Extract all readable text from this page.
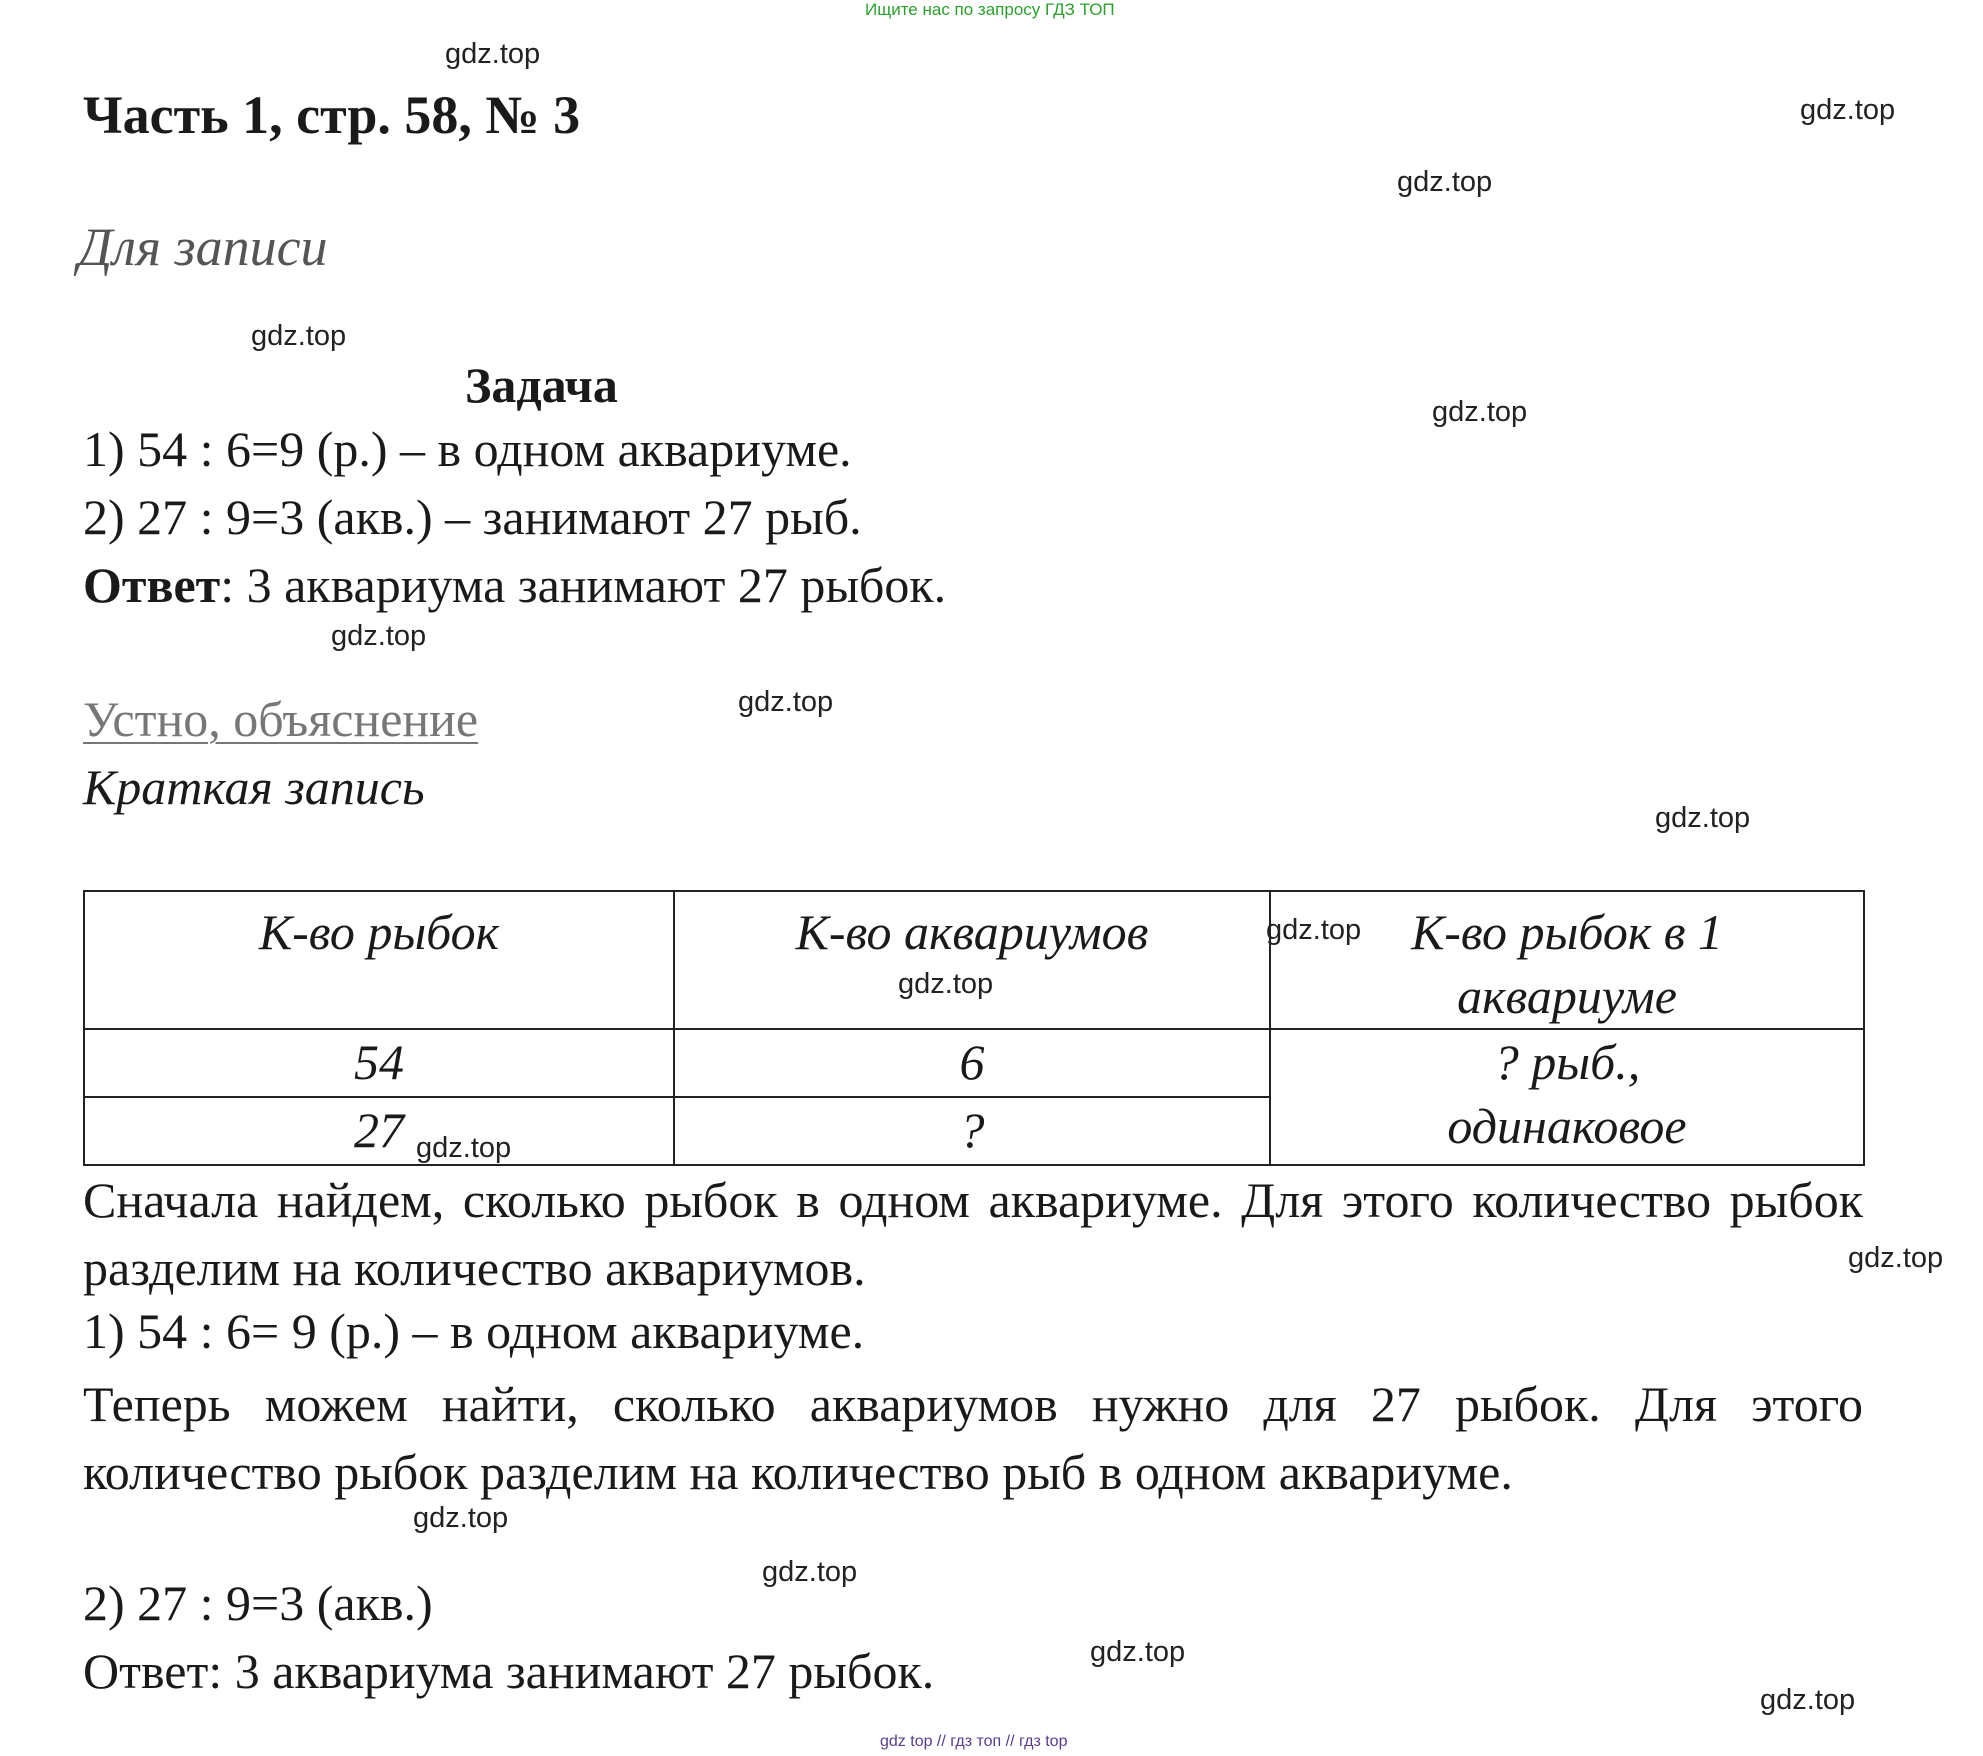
Ищите нас по запросу ГДЗ ТОП
Часть 1, стр. 58, № 3
Для записи
Задача
1) 54 : 6=9 (р.) – в одном аквариуме.
2) 27 : 9=3 (акв.) – занимают 27 рыб.
Ответ: 3 аквариума занимают 27 рыбок.
Устно, объяснение
Краткая запись
К-во рыбок	К-во аквариумов	К-во рыбок в 1 аквариуме
54	6	? рыб., одинаковое
27	?	
Сначала найдем, сколько рыбок в одном аквариуме. Для этого количество рыбок разделим на количество аквариумов.
1) 54 : 6= 9 (р.) – в одном аквариуме.
Теперь можем найти, сколько аквариумов нужно для 27 рыбок. Для этого количество рыбок разделим на количество рыб в одном аквариуме.
2) 27 : 9=3 (акв.)
Ответ: 3 аквариума занимают 27 рыбок.
gdz.top
gdz.top
gdz.top
gdz.top
gdz.top
gdz.top
gdz.top
gdz.top
gdz.top
gdz.top
gdz.top
gdz.top
gdz.top
gdz.top
gdz.top
gdz.top
gdz top // гдз топ // гдз top
